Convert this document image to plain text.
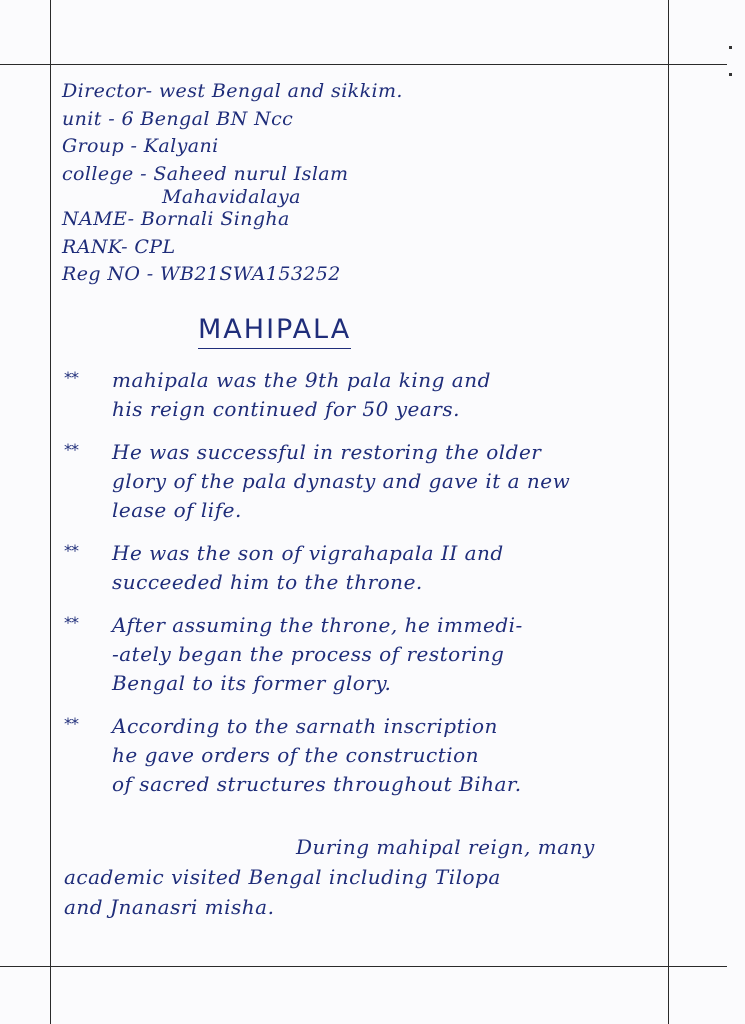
Director- west Bengal and sikkim.
unit - 6 Bengal BN Ncc
Group - Kalyani
college - Saheed nurul Islam
Mahavidalaya
NAME- Bornali Singha
RANK- CPL
Reg NO - WB21SWA153252
MAHIPALA
**	mahipala was the 9th pala king and
his reign continued for 50 years.
**	He was successful in restoring the older
glory of the pala dynasty and gave it a new
lease of life.
**	He was the son of vigrahapala II and
succeeded him to the throne.
**	After assuming the throne, he immedi-
-ately began the process of restoring
Bengal to its former glory.
**	According to the sarnath inscription
he gave orders of the construction
of sacred structures throughout Bihar.
During mahipal reign, many
academic visited Bengal including Tilopa
and Jnanasri misha.
